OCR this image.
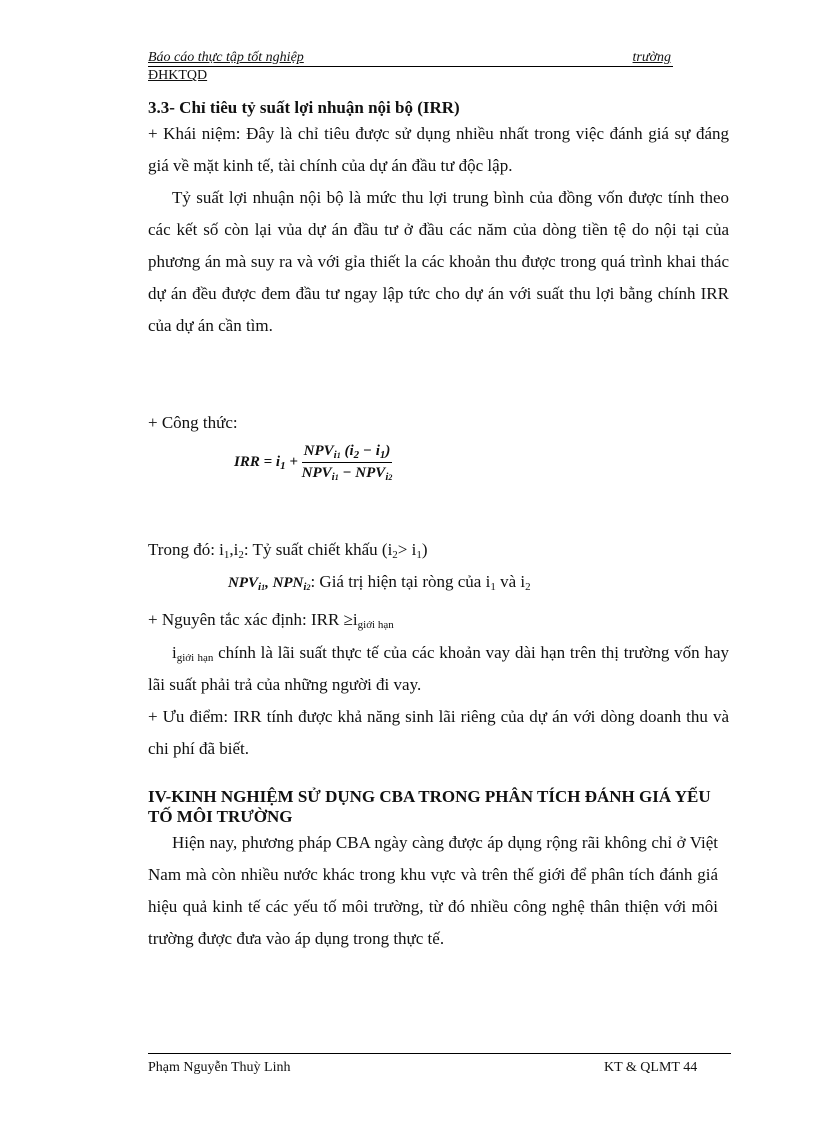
Báo cáo thực tập tốt nghiệp	trường
ĐHKTQD
3.3- Chỉ tiêu tỷ suất lợi nhuận nội bộ (IRR)
+ Khái niệm: Đây là chỉ tiêu được sử dụng nhiều nhất trong việc đánh giá sự đáng giá về mặt kinh tế, tài chính của dự án đầu tư độc lập.
Tỷ suất lợi nhuận nội bộ là mức thu lợi trung bình của đồng vốn được tính theo các kết số còn lại vủa dự án đầu tư ở đầu các năm của dòng tiền tệ do nội tại của phương án mà suy ra và với gỉa thiết la các khoản thu được trong quá trình khai thác dự án đều được đem đầu tư ngay lập tức cho dự án với suất thu lợi bằng chính IRR của dự án cần tìm.
+ Công thức:
IRR = $i_1 + \frac{NPV_{i1} (i_2 - i_1)}{NPV_{i1} - NPV_{i2}}$
Trong đó: $i_1,i_2$: Tỷ suất chiết khấu $(i_2> i_1)$
$NPV_{i1}$, $NPN_{i2}$: Giá trị hiện tại ròng của $i_1$ và $i_2$
+ Nguyên tắc xác định: IRR $\ge i_{giới hạn}$
$i_{giới hạn}$ chính là lãi suất thực tế của các khoản vay dài hạn trên thị trường vốn hay lãi suất phải trả của những người đi vay.
+ Ưu điểm: IRR tính được khả năng sinh lãi riêng của dự án với dòng doanh thu và chi phí đã biết.
IV-KINH NGHIỆM SỬ DỤNG CBA TRONG PHÂN TÍCH ĐÁNH GIÁ YẾU TỐ MÔI TRƯỜNG
Hiện nay, phương pháp CBA ngày càng được áp dụng rộng rãi không chỉ ở Việt Nam mà còn nhiều nước khác trong khu vực và trên thế giới để phân tích đánh giá hiệu quả kinh tế các yếu tố môi trường, từ đó nhiều công nghệ thân thiện với môi trường được đưa vào áp dụng trong thực tế.
Phạm Nguyễn Thuỳ Linh	KT & QLMT 44
